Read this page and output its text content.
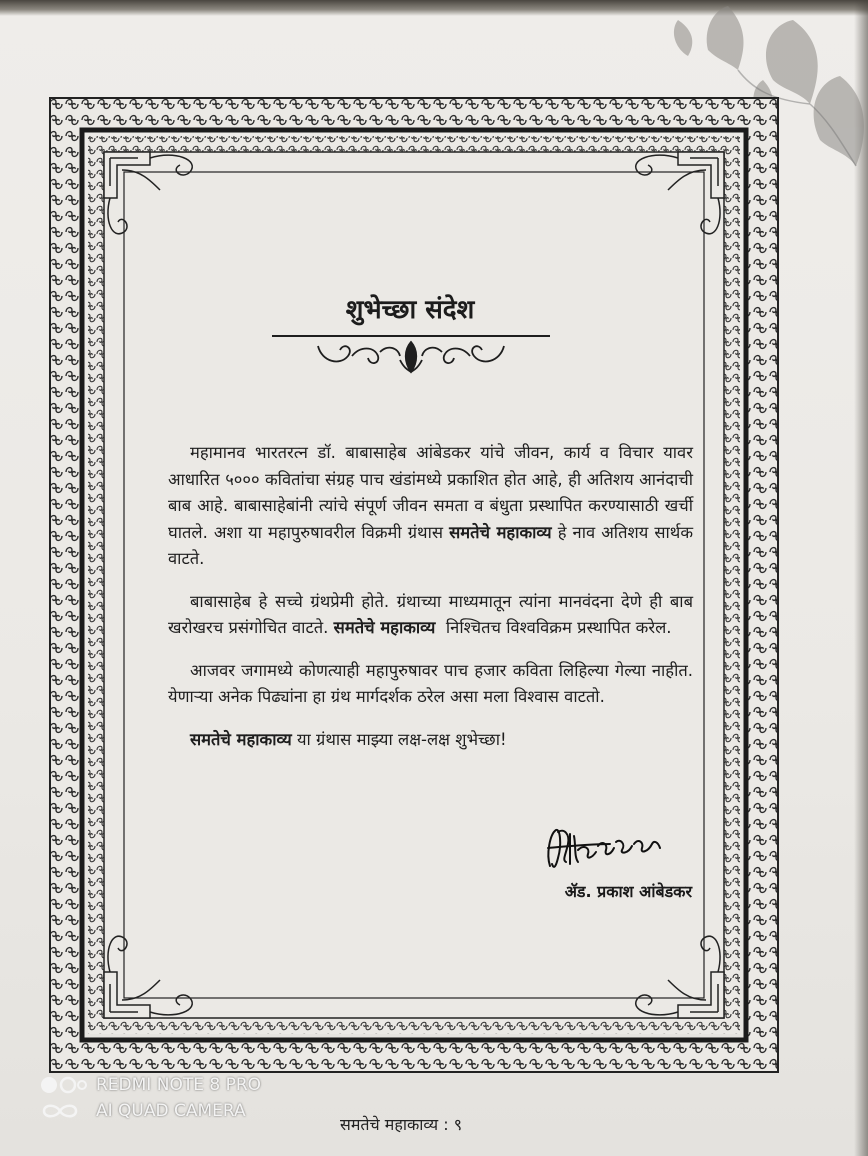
शुभेच्छा संदेश

महामानव भारतरत्न डॉ. बाबासाहेब आंबेडकर यांचे जीवन, कार्य व विचार यावर आधारित ५००० कवितांचा संग्रह पाच खंडांमध्ये प्रकाशित होत आहे, ही अतिशय आनंदाची बाब आहे. बाबासाहेबांनी त्यांचे संपूर्ण जीवन समता व बंधुता प्रस्थापित करण्यासाठी खर्ची घातले. अशा या महापुरुषावरील विक्रमी ग्रंथास समतेचे महाकाव्य हे नाव अतिशय सार्थक वाटते.

बाबासाहेब हे सच्चे ग्रंथप्रेमी होते. ग्रंथाच्या माध्यमातून त्यांना मानवंदना देणे ही बाब खरोखरच प्रसंगोचित वाटते. समतेचे महाकाव्य निश्चितच विश्वविक्रम प्रस्थापित करेल.

आजवर जगामध्ये कोणत्याही महापुरुषावर पाच हजार कविता लिहिल्या गेल्या नाहीत. येणाऱ्या अनेक पिढ्यांना हा ग्रंथ मार्गदर्शक ठरेल असा मला विश्वास वाटतो.

समतेचे महाकाव्य या ग्रंथास माझ्या लक्ष-लक्ष शुभेच्छा!

ॲड. प्रकाश आंबेडकर
समतेचे महाकाव्य : ९
REDMI NOTE 8 PRO
AI QUAD CAMERA
